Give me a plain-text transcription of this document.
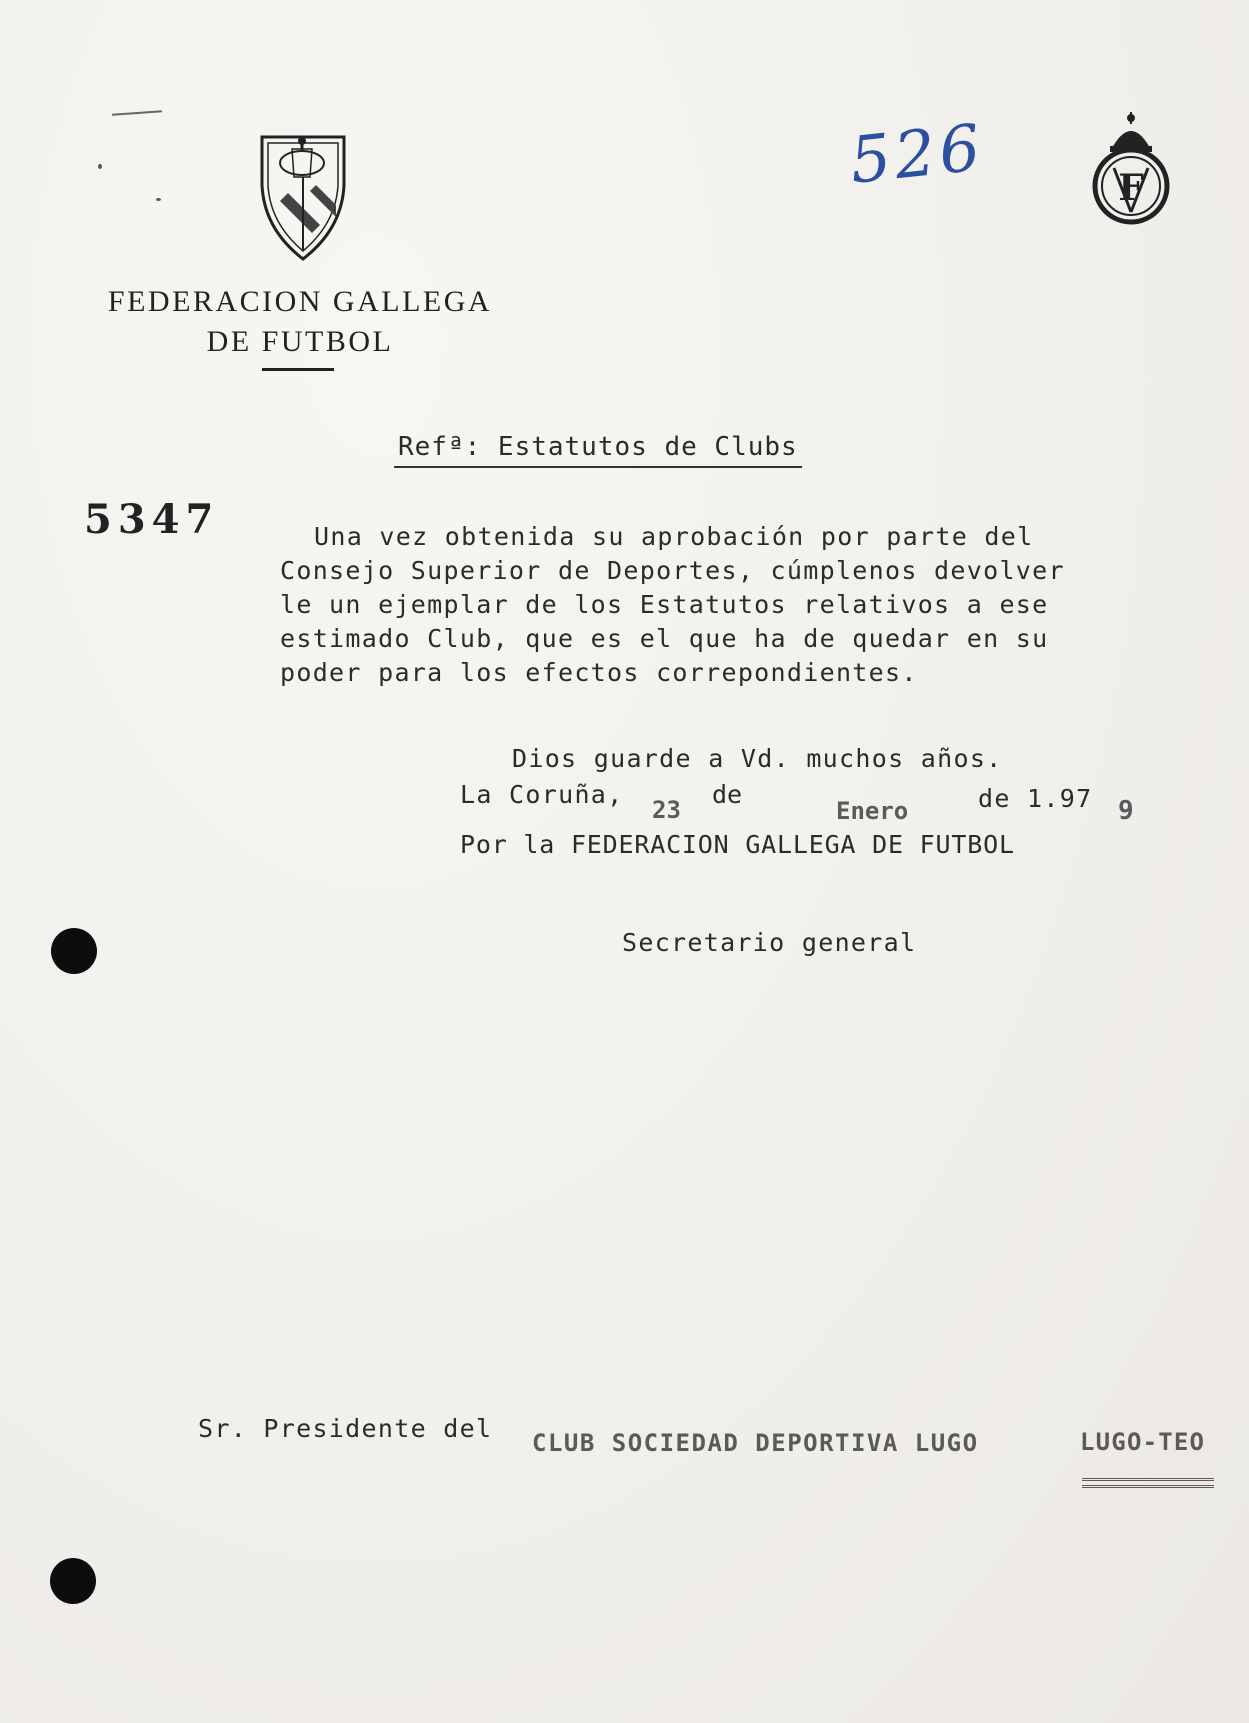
FEDERACION GALLEGA
DE FUTBOL
526	F
Refª: Estatutos de Clubs
5347	Una vez obtenida su aprobación por parte del
Consejo Superior de Deportes, cúmplenos devolver
le un ejemplar de los Estatutos relativos a ese
estimado Club, que es el que ha de quedar en su
poder para los efectos correpondientes.
Dios guarde a Vd. muchos años.
La Coruña,
23
de
Enero	de 1.97 9
Por la FEDERACION GALLEGA DE FUTBOL
Secretario general
Sr. Presidente del CLUB SOCIEDAD DEPORTIVA LUGO	LUGO-TEO
